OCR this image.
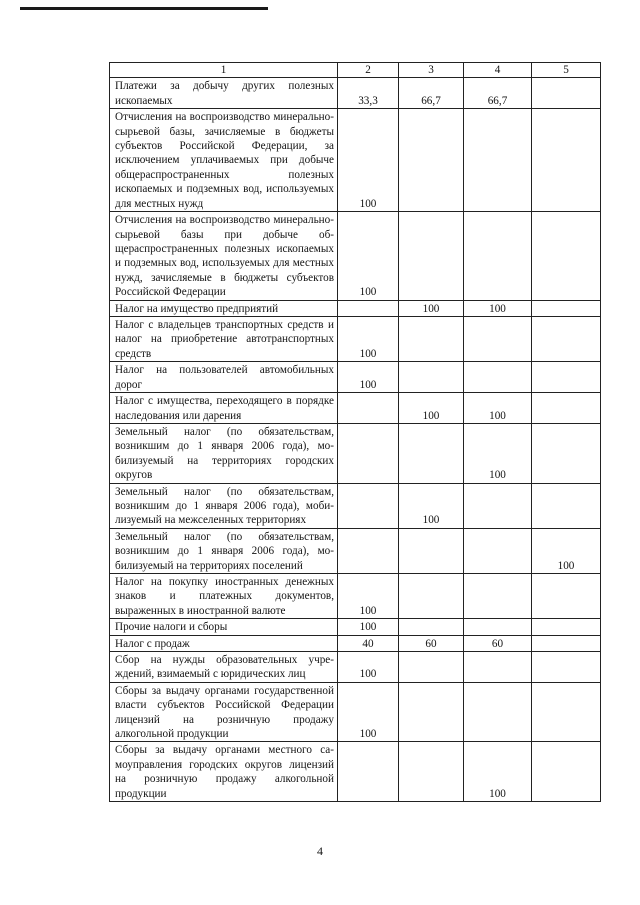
1	2	3	4	5
Платежи за добычу других полезных ископаемых	33,3	66,7	66,7	
Отчисления на воспроизводство минерально-сырьевой базы, зачисляемые в бюджеты субъектов Российской Федерации, за исключением уплачиваемых при добыче общераспространенных полезных ископаемых и подземных вод, используемых для местных нужд	100			
Отчисления на воспроизводство минерально-сырьевой базы при добыче общераспространенных полезных ископаемых и подземных вод, используемых для местных нужд, зачисляемые в бюджеты субъектов Российской Федерации	100			
Налог на имущество предприятий		100	100	
Налог с владельцев транспортных средств и налог на приобретение автотранспортных средств	100			
Налог на пользователей автомобильных дорог	100			
Налог с имущества, переходящего в порядке наследования или дарения		100	100	
Земельный налог (по обязательствам, возникшим до 1 января 2006 года), мобилизуемый на территориях городских округов			100	
Земельный налог (по обязательствам, возникшим до 1 января 2006 года), мобилизуемый на межселенных территориях		100		
Земельный налог (по обязательствам, возникшим до 1 января 2006 года), мобилизуемый на территориях поселений				100
Налог на покупку иностранных денежных знаков и платежных документов, выраженных в иностранной валюте	100			
Прочие налоги и сборы	100			
Налог с продаж	40	60	60	
Сбор на нужды образовательных учреждений, взимаемый с юридических лиц	100			
Сборы за выдачу органами государственной власти субъектов Российской Федерации лицензий на розничную продажу алкогольной продукции	100			
Сборы за выдачу органами местного самоуправления городских округов лицензий на розничную продажу алкогольной продукции			100	
4
